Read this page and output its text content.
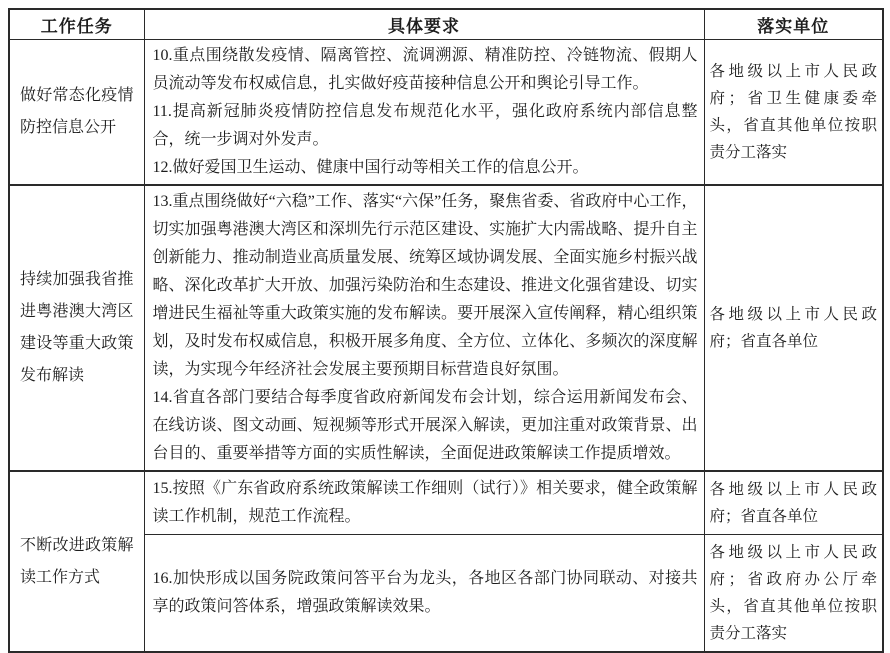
工作任务	具体要求	落实单位
做好常态化疫情防控信息公开	10.重点围绕散发疫情、隔离管控、流调溯源、精准防控、冷链物流、假期人员流动等发布权威信息，扎实做好疫苗接种信息公开和舆论引导工作。

11.提高新冠肺炎疫情防控信息发布规范化水平，强化政府系统内部信息整合，统一步调对外发声。

12.做好爱国卫生运动、健康中国行动等相关工作的信息公开。	各地级以上市人民政府；省卫生健康委牵头，省直其他单位按职责分工落实
持续加强我省推进粤港澳大湾区建设等重大政策发布解读	13.重点围绕做好“六稳”工作、落实“六保”任务，聚焦省委、省政府中心工作，切实加强粤港澳大湾区和深圳先行示范区建设、实施扩大内需战略、提升自主创新能力、推动制造业高质量发展、统筹区域协调发展、全面实施乡村振兴战略、深化改革扩大开放、加强污染防治和生态建设、推进文化强省建设、切实增进民生福祉等重大政策实施的发布解读。要开展深入宣传阐释，精心组织策划，及时发布权威信息，积极开展多角度、全方位、立体化、多频次的深度解读，为实现今年经济社会发展主要预期目标营造良好氛围。

14.省直各部门要结合每季度省政府新闻发布会计划，综合运用新闻发布会、在线访谈、图文动画、短视频等形式开展深入解读，更加注重对政策背景、出台目的、重要举措等方面的实质性解读，全面促进政策解读工作提质增效。	各地级以上市人民政府；省直各单位
不断改进政策解读工作方式	15.按照《广东省政府系统政策解读工作细则（试行）》相关要求，健全政策解读工作机制，规范工作流程。	各地级以上市人民政府；省直各单位

	16.加快形成以国务院政策问答平台为龙头，各地区各部门协同联动、对接共享的政策问答体系，增强政策解读效果。	各地级以上市人民政府；省政府办公厅牵头，省直其他单位按职责分工落实
